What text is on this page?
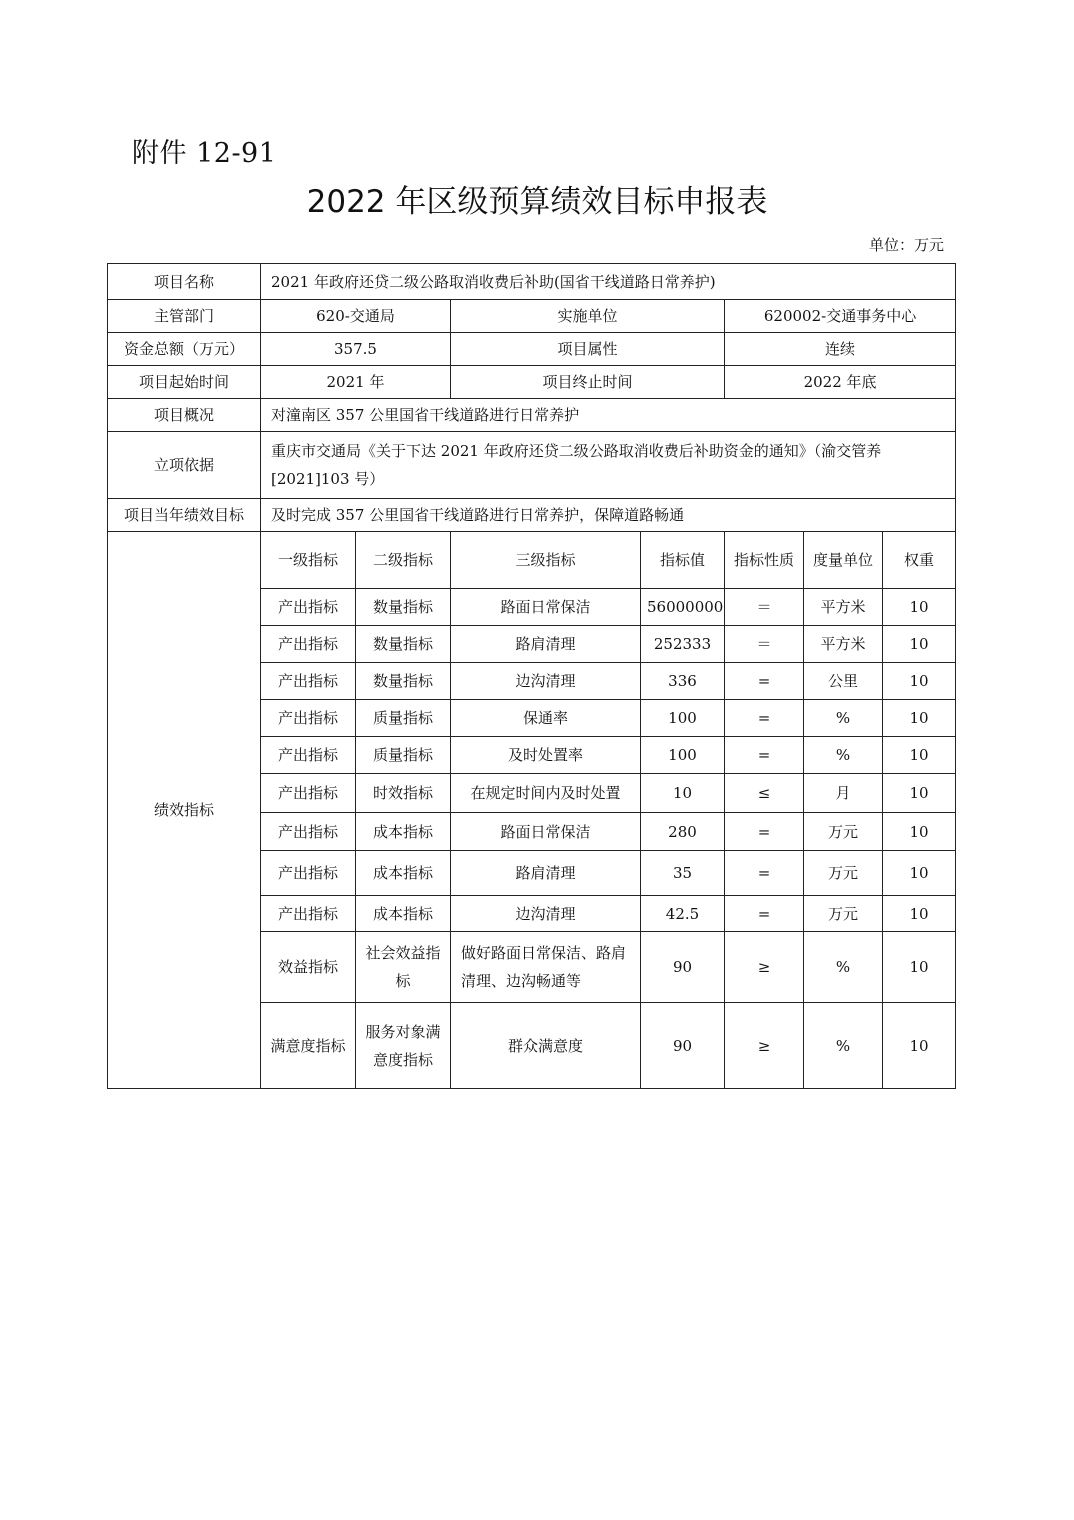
附件 12-91
2022 年区级预算绩效目标申报表
单位：万元
项目名称	2021 年政府还贷二级公路取消收费后补助(国省干线道路日常养护)						
主管部门	620-交通局		实施单位		620002-交通事务中心		
资金总额（万元）	357.5		项目属性		连续		
项目起始时间	2021 年		项目终止时间		2022 年底		
项目概况	对潼南区 357 公里国省干线道路进行日常养护						
立项依据	重庆市交通局《关于下达 2021 年政府还贷二级公路取消收费后补助资金的通知》（渝交管养[2021]103 号）						
项目当年绩效目标	及时完成 357 公里国省干线道路进行日常养护，保障道路畅通						
绩效指标	一级指标	二级指标	三级指标	指标值	指标性质	度量单位	权重
	产出指标	数量指标	路面日常保洁	56000000	＝	平方米	10
	产出指标	数量指标	路肩清理	252333	＝	平方米	10
	产出指标	数量指标	边沟清理	336	=	公里	10
	产出指标	质量指标	保通率	100	=	%	10
	产出指标	质量指标	及时处置率	100	=	%	10
	产出指标	时效指标	在规定时间内及时处置	10	≤	月	10
	产出指标	成本指标	路面日常保洁	280	=	万元	10
	产出指标	成本指标	路肩清理	35	=	万元	10
	产出指标	成本指标	边沟清理	42.5	=	万元	10
	效益指标	社会效益指标	做好路面日常保洁、路肩清理、边沟畅通等	90	≥	%	10
	满意度指标	服务对象满意度指标	群众满意度	90	≥	%	10
